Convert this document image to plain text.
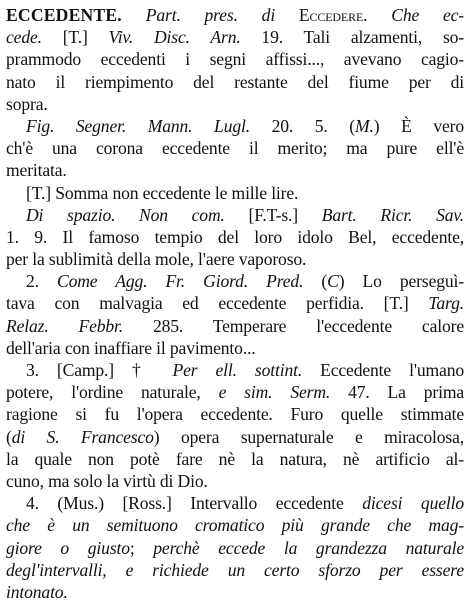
ECCEDENTE. Part. pres. di Eccedere. Che ec-
cede. [T.] Viv. Disc. Arn. 19. Tali alzamenti, so-
prammodo eccedenti i segni affissi..., avevano cagio-
nato il riempimento del restante del fiume per di
sopra.
Fig. Segner. Mann. Lugl. 20. 5. (M.) È vero
ch'è una corona eccedente il merito; ma pure ell'è
meritata.
[T.] Somma non eccedente le mille lire.
Di spazio. Non com. [F.T-s.] Bart. Ricr. Sav.
1. 9. Il famoso tempio del loro idolo Bel, eccedente,
per la sublimità della mole, l'aere vaporoso.
2. Come Agg. Fr. Giord. Pred. (C) Lo perseguì-
tava con malvagia ed eccedente perfidia. [T.] Targ.
Relaz. Febbr. 285. Temperare l'eccedente calore
dell'aria con inaffiare il pavimento...
3. [Camp.] † Per ell. sottint. Eccedente l'umano
potere, l'ordine naturale, e sim. Serm. 47. La prima
ragione si fu l'opera eccedente. Furo quelle stimmate
(di S. Francesco) opera supernaturale e miracolosa,
la quale non potè fare nè la natura, nè artificio al-
cuno, ma solo la virtù di Dio.
4. (Mus.) [Ross.] Intervallo eccedente dicesi quello
che è un semituono cromatico più grande che mag-
giore o giusto; perchè eccede la grandezza naturale
degl'intervalli, e richiede un certo sforzo per essere
intonato.
